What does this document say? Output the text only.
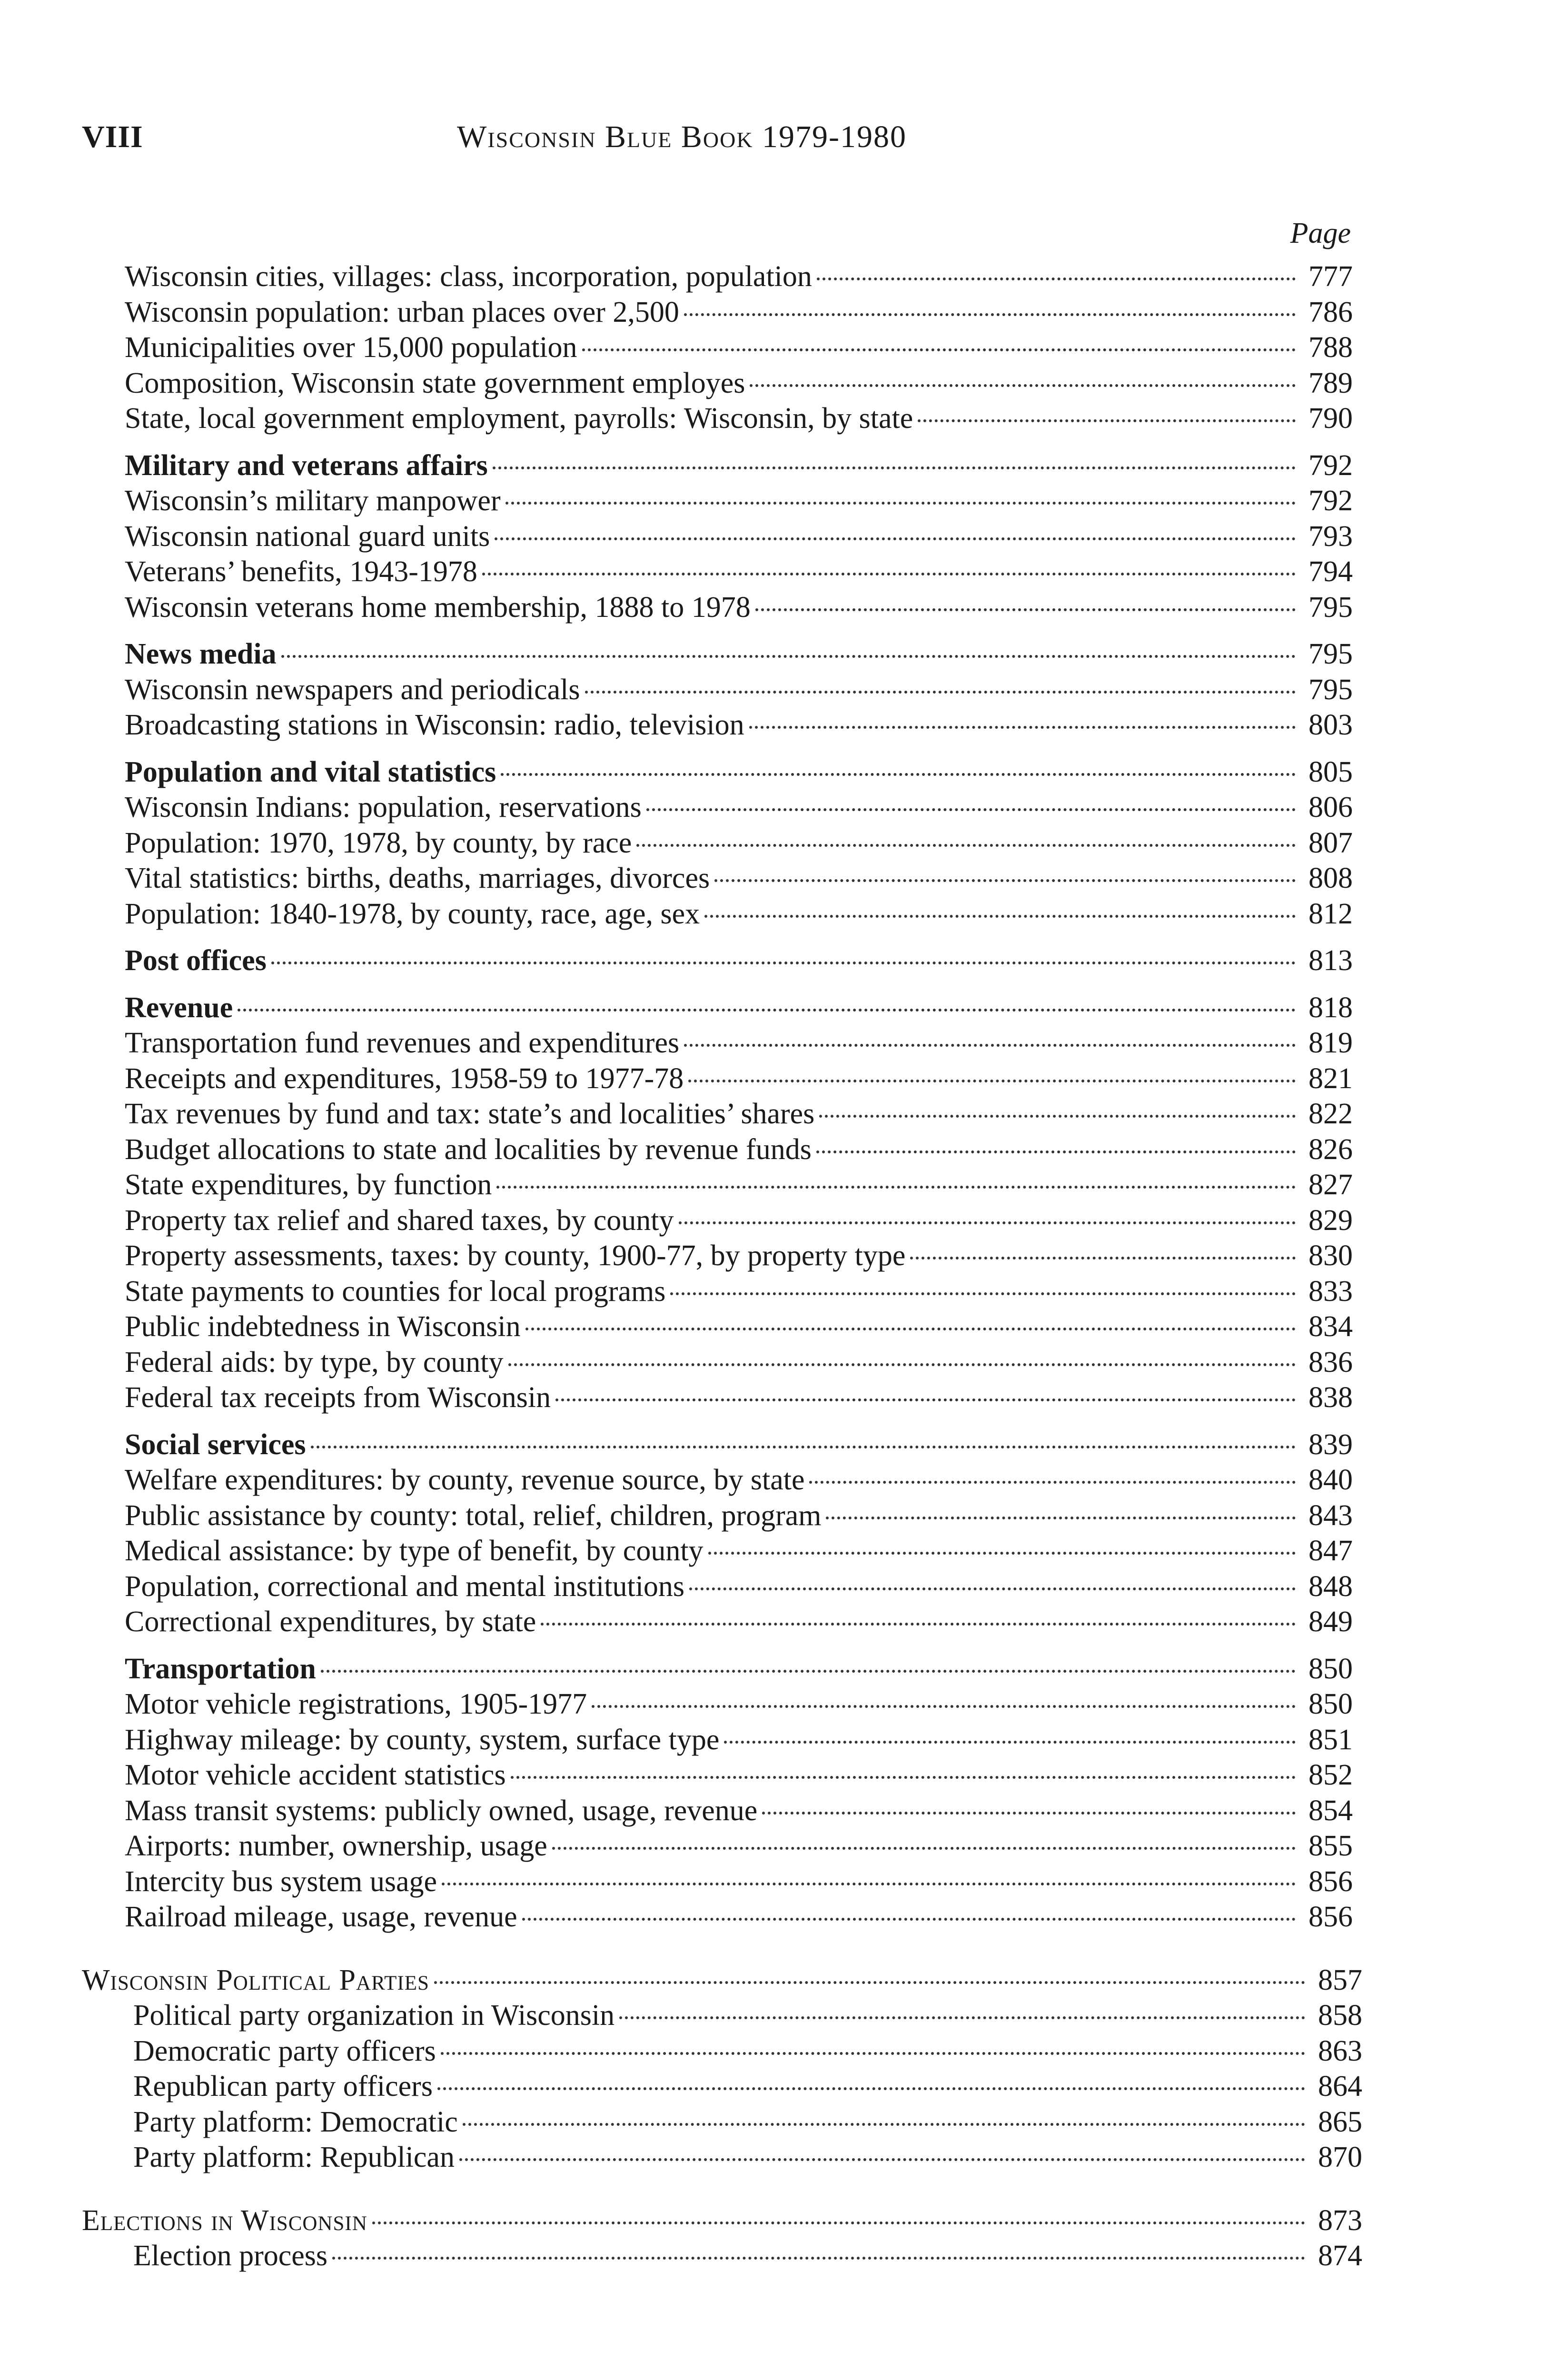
VIII	Wisconsin Blue Book 1979-1980
Page
Wisconsin cities, villages: class, incorporation, population	777
Wisconsin population: urban places over 2,500	786
Municipalities over 15,000 population	788
Composition, Wisconsin state government employes	789
State, local government employment, payrolls: Wisconsin, by state	790
Military and veterans affairs	792
Wisconsin’s military manpower	792
Wisconsin national guard units	793
Veterans’ benefits, 1943-1978	794
Wisconsin veterans home membership, 1888 to 1978	795
News media	795
Wisconsin newspapers and periodicals	795
Broadcasting stations in Wisconsin: radio, television	803
Population and vital statistics	805
Wisconsin Indians: population, reservations	806
Population: 1970, 1978, by county, by race	807
Vital statistics: births, deaths, marriages, divorces	808
Population: 1840-1978, by county, race, age, sex	812
Post offices	813
Revenue	818
Transportation fund revenues and expenditures	819
Receipts and expenditures, 1958-59 to 1977-78	821
Tax revenues by fund and tax: state’s and localities’ shares	822
Budget allocations to state and localities by revenue funds	826
State expenditures, by function	827
Property tax relief and shared taxes, by county	829
Property assessments, taxes: by county, 1900-77, by property type	830
State payments to counties for local programs	833
Public indebtedness in Wisconsin	834
Federal aids: by type, by county	836
Federal tax receipts from Wisconsin	838
Social services	839
Welfare expenditures: by county, revenue source, by state	840
Public assistance by county: total, relief, children, program	843
Medical assistance: by type of benefit, by county	847
Population, correctional and mental institutions	848
Correctional expenditures, by state	849
Transportation	850
Motor vehicle registrations, 1905-1977	850
Highway mileage: by county, system, surface type	851
Motor vehicle accident statistics	852
Mass transit systems: publicly owned, usage, revenue	854
Airports: number, ownership, usage	855
Intercity bus system usage	856
Railroad mileage, usage, revenue	856
Wisconsin Political Parties	857
Political party organization in Wisconsin	858
Democratic party officers	863
Republican party officers	864
Party platform: Democratic	865
Party platform: Republican	870
Elections in Wisconsin	873
Election process	874
